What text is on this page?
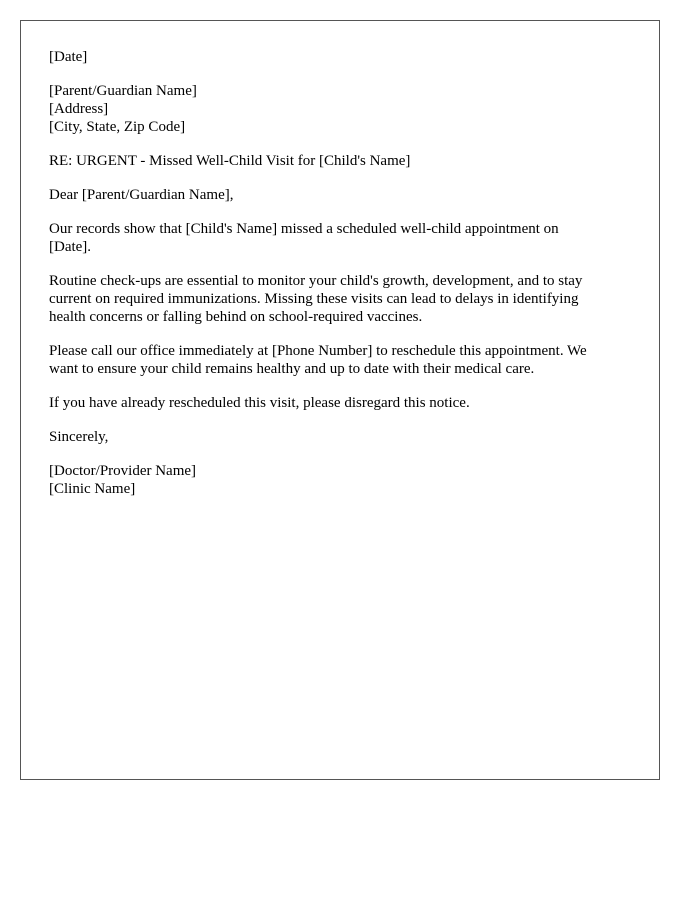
[Date]

[Parent/Guardian Name]
[Address]
[City, State, Zip Code]

RE: URGENT - Missed Well-Child Visit for [Child's Name]

Dear [Parent/Guardian Name],

Our records show that [Child's Name] missed a scheduled well-child appointment on
[Date].

Routine check-ups are essential to monitor your child's growth, development, and to stay
current on required immunizations. Missing these visits can lead to delays in identifying
health concerns or falling behind on school-required vaccines.

Please call our office immediately at [Phone Number] to reschedule this appointment. We
want to ensure your child remains healthy and up to date with their medical care.

If you have already rescheduled this visit, please disregard this notice.

Sincerely,

[Doctor/Provider Name]
[Clinic Name]
